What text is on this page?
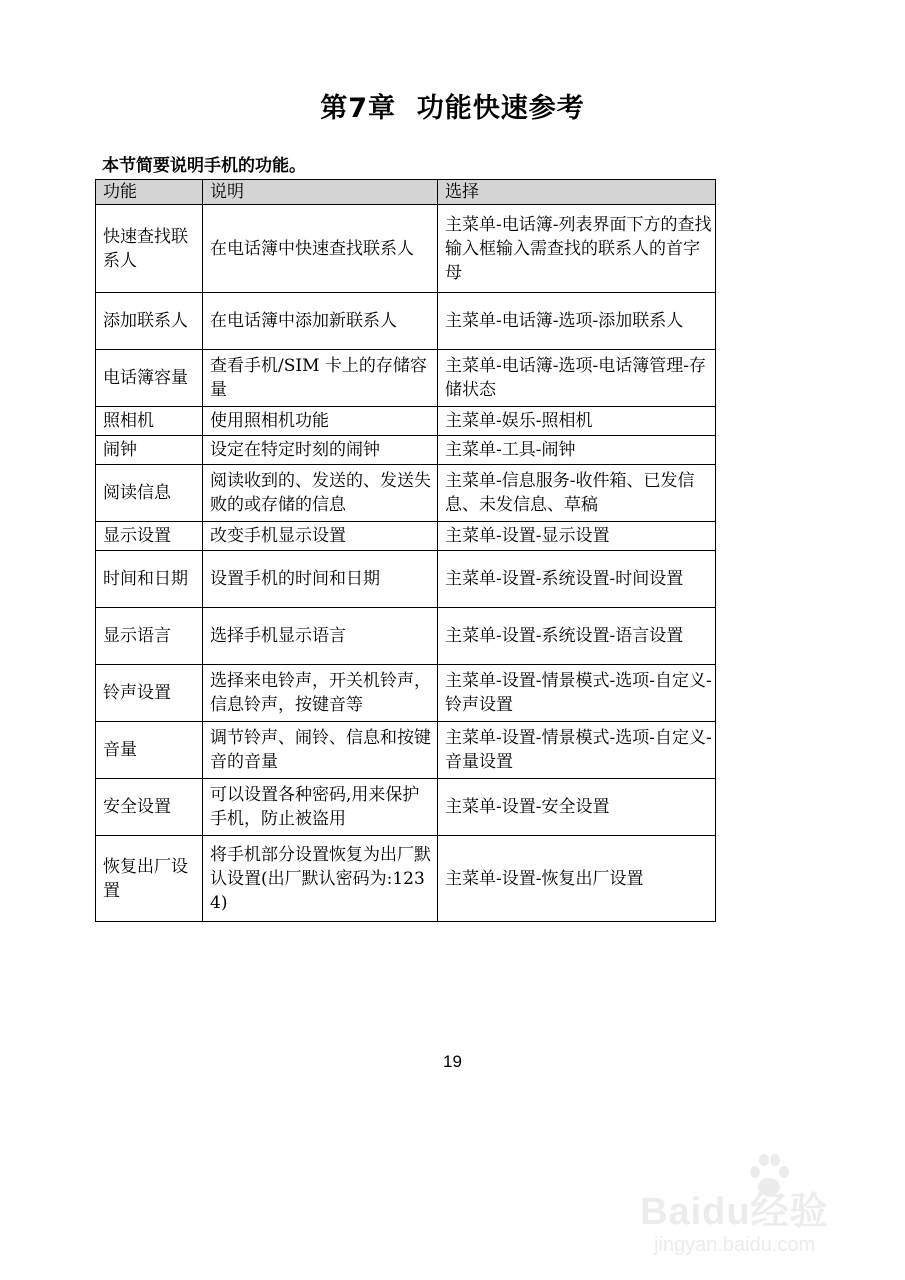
第7章  功能快速参考
本节简要说明手机的功能。
功能	说明	选择
快速查找联系人	在电话簿中快速查找联系人	主菜单-电话簿-列表界面下方的查找输入框输入需查找的联系人的首字母
添加联系人	在电话簿中添加新联系人	主菜单-电话簿-选项-添加联系人
电话簿容量	查看手机/SIM 卡上的存储容量	主菜单-电话簿-选项-电话簿管理-存储状态
照相机	使用照相机功能	主菜单-娱乐-照相机
闹钟	设定在特定时刻的闹钟	主菜单-工具-闹钟
阅读信息	阅读收到的、发送的、发送失败的或存储的信息	主菜单-信息服务-收件箱、已发信息、未发信息、草稿
显示设置	改变手机显示设置	主菜单-设置-显示设置
时间和日期	设置手机的时间和日期	主菜单-设置-系统设置-时间设置
显示语言	选择手机显示语言	主菜单-设置-系统设置-语言设置
铃声设置	选择来电铃声，开关机铃声，信息铃声，按键音等	主菜单-设置-情景模式-选项-自定义-铃声设置
音量	调节铃声、闹铃、信息和按键音的音量	主菜单-设置-情景模式-选项-自定义-音量设置
安全设置	可以设置各种密码,用来保护手机，防止被盗用	主菜单-设置-安全设置
恢复出厂设置	将手机部分设置恢复为出厂默认设置(出厂默认密码为:1234)	主菜单-设置-恢复出厂设置
19
Baidu经验
jingyan.baidu.com
